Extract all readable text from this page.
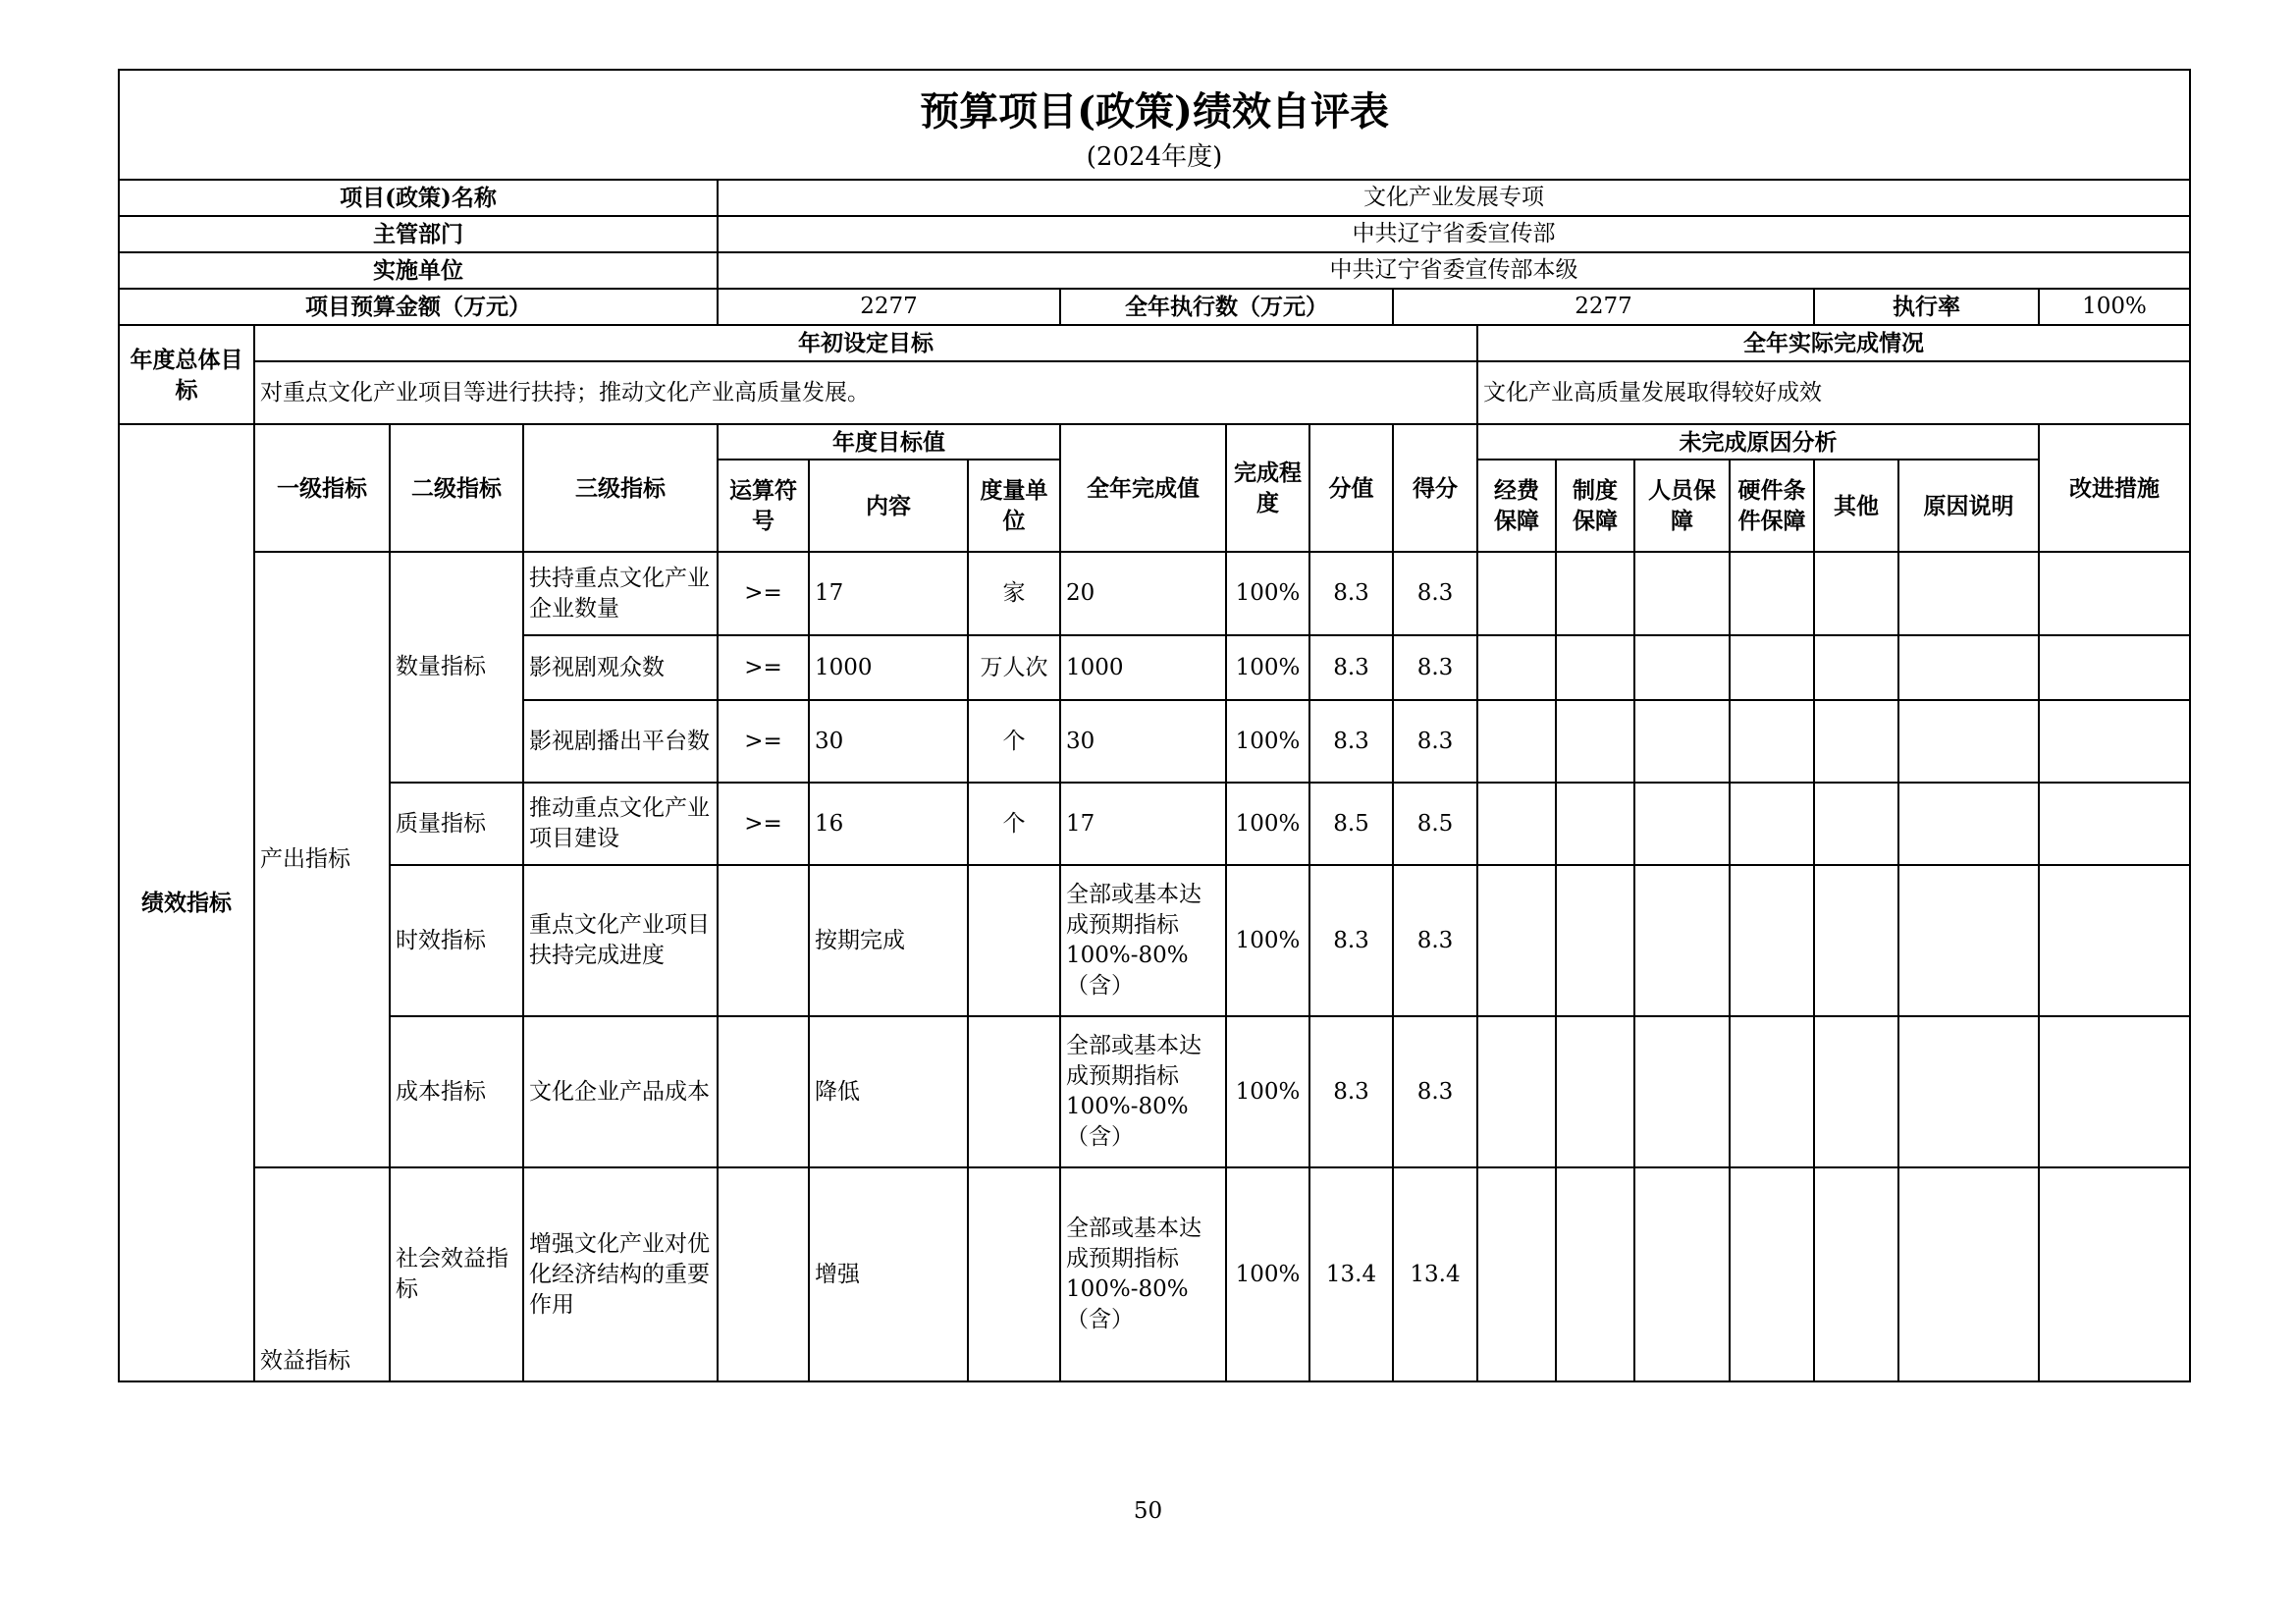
预算项目(政策)绩效自评表
(2024年度)																	

项目(政策)名称				文化产业发展专项													
主管部门				中共辽宁省委宣传部													
实施单位				中共辽宁省委宣传部本级													
项目预算金额（万元）				2277			全年执行数（万元）			2277					执行率		100%
年度总体目标	年初设定目标										全年实际完成情况						
	对重点文化产业项目等进行扶持；推动文化产业高质量发展。										文化产业高质量发展取得较好成效						
绩效指标	一级指标	二级指标	三级指标	年度目标值			全年完成值	完成程度	分值	得分	未完成原因分析						改进措施
				运算符号	内容	度量单位					经费保障	制度保障	人员保障	硬件条件保障	其他	原因说明	
	产出指标	数量指标	扶持重点文化产业企业数量	>=	17	家	20	100%	8.3	8.3							
			影视剧观众数	>=	1000	万人次	1000	100%	8.3	8.3							
			影视剧播出平台数	>=	30	个	30	100%	8.3	8.3							
		质量指标	推动重点文化产业项目建设	>=	16	个	17	100%	8.5	8.5							
		时效指标	重点文化产业项目扶持完成进度		按期完成		全部或基本达成预期指标100%-80%（含）	100%	8.3	8.3							
		成本指标	文化企业产品成本		降低		全部或基本达成预期指标100%-80%（含）	100%	8.3	8.3							
	效益指标	社会效益指标	增强文化产业对优化经济结构的重要作用		增强		全部或基本达成预期指标100%-80%（含）	100%	13.4	13.4							
50
